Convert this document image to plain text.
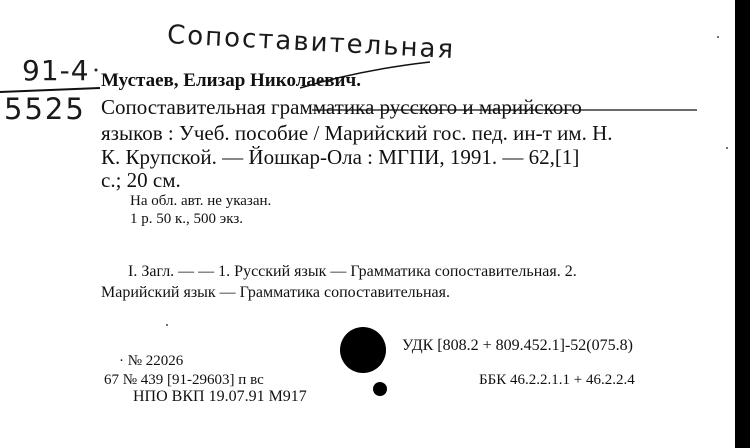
Сопоставительная
91-4
5525
Мустаев, Елизар Николаевич.
Сопоставительная грамматика русского и марийского
языков : Учеб. пособие / Марийский гос. пед. ин-т им. Н.
К. Крупской. — Йошкар-Ола : МГПИ, 1991. — 62,[1]
с.; 20 см.
На обл. авт. не указан.
1 р. 50 к., 500 экз.
I. Загл. — — 1. Русский язык — Грамматика сопоставительная. 2.
Марийский язык — Грамматика сопоставительная.
УДК [808.2 + 809.452.1]-52(075.8)
· № 22026
67 № 439 [91-29603] п вс
НПО ВКП 19.07.91 М917
ББК 46.2.2.1.1 + 46.2.2.4
